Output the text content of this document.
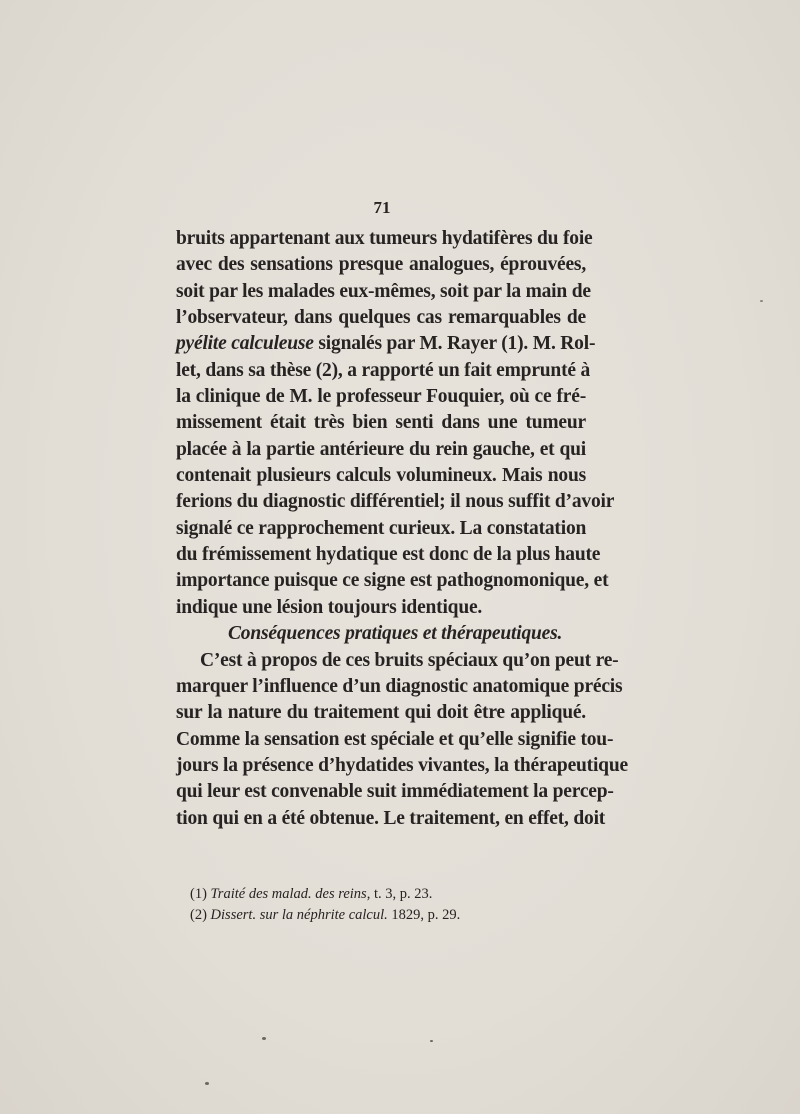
71
bruits appartenant aux tumeurs hydatifères du foie
avec des sensations presque analogues, éprouvées,
soit par les malades eux-mêmes, soit par la main de
l’observateur, dans quelques cas remarquables de
pyélite calculeuse signalés par M. Rayer (1). M. Rol-
let, dans sa thèse (2), a rapporté un fait emprunté à
la clinique de M. le professeur Fouquier, où ce fré-
missement était très bien senti dans une tumeur
placée à la partie antérieure du rein gauche, et qui
contenait plusieurs calculs volumineux. Mais nous
ferions du diagnostic différentiel; il nous suffit d’avoir
signalé ce rapprochement curieux. La constatation
du frémissement hydatique est donc de la plus haute
importance puisque ce signe est pathognomonique, et
indique une lésion toujours identique.
Conséquences pratiques et thérapeutiques.
C’est à propos de ces bruits spéciaux qu’on peut re-
marquer l’influence d’un diagnostic anatomique précis
sur la nature du traitement qui doit être appliqué.
Comme la sensation est spéciale et qu’elle signifie tou-
jours la présence d’hydatides vivantes, la thérapeutique
qui leur est convenable suit immédiatement la percep-
tion qui en a été obtenue. Le traitement, en effet, doit
(1) Traité des malad. des reins, t. 3, p. 23.
(2) Dissert. sur la néphrite calcul. 1829, p. 29.
